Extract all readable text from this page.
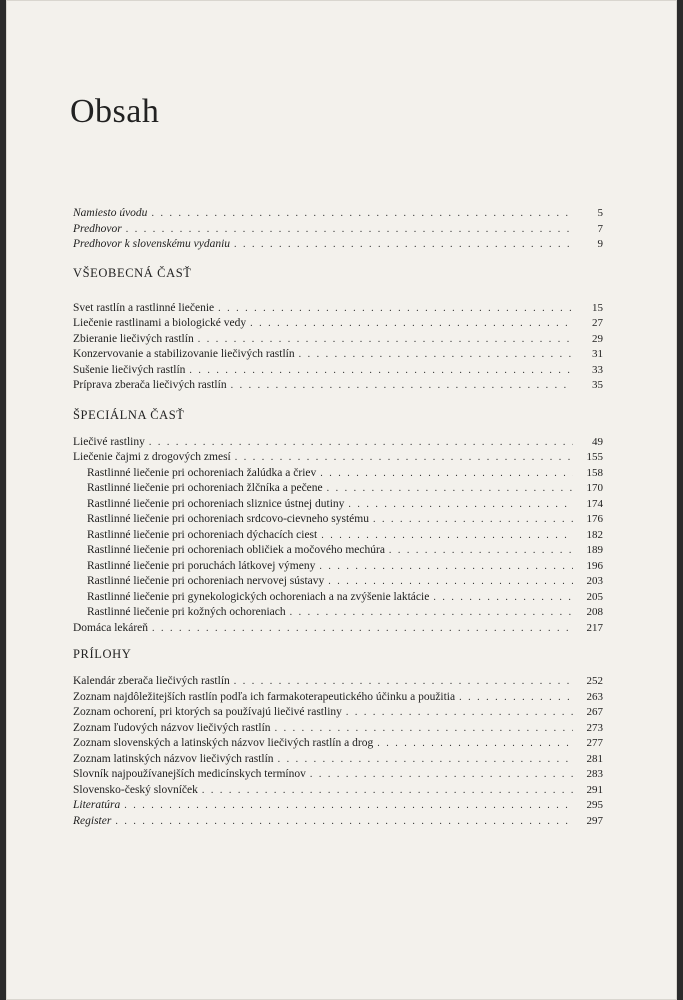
Obsah
Namiesto úvodu . . .	5
Predhovor . . .	7
Predhovor k slovenskému vydaniu . . .	9
VŠEOBECNÁ ČASŤ
Svet rastlín a rastlinné liečenie . . .	15
Liečenie rastlinami a biologické vedy . . .	27
Zbieranie liečivých rastlín . . .	29
Konzervovanie a stabilizovanie liečivých rastlín . . .	31
Sušenie liečivých rastlín . . .	33
Príprava zberača liečivých rastlín . . .	35
ŠPECIÁLNA ČASŤ
Liečivé rastliny . . .	49
Liečenie čajmi z drogových zmesí . . .	155
Rastlinné liečenie pri ochoreniach žalúdka a čriev . . .	158
Rastlinné liečenie pri ochoreniach žlčníka a pečene . . .	170
Rastlinné liečenie pri ochoreniach sliznice ústnej dutiny . . .	174
Rastlinné liečenie pri ochoreniach srdcovo-cievneho systému . . .	176
Rastlinné liečenie pri ochoreniach dýchacích ciest . . .	182
Rastlinné liečenie pri ochoreniach obličiek a močového mechúra . . .	189
Rastlinné liečenie pri poruchách látkovej výmeny . . .	196
Rastlinné liečenie pri ochoreniach nervovej sústavy . . .	203
Rastlinné liečenie pri gynekologických ochoreniach a na zvýšenie laktácie . . .	205
Rastlinné liečenie pri kožných ochoreniach . . .	208
Domáca lekáreň . . .	217
PRÍLOHY
Kalendár zberača liečivých rastlín . . .	252
Zoznam najdôležitejších rastlín podľa ich farmakoterapeutického účinku a použitia . . .	263
Zoznam ochorení, pri ktorých sa používajú liečivé rastliny . . .	267
Zoznam ľudových názvov liečivých rastlín . . .	273
Zoznam slovenských a latinských názvov liečivých rastlín a drog . . .	277
Zoznam latinských názvov liečivých rastlín . . .	281
Slovník najpoužívanejších medicínskych termínov . . .	283
Slovensko-český slovníček . . .	291
Literatúra . . .	295
Register . . .	297
